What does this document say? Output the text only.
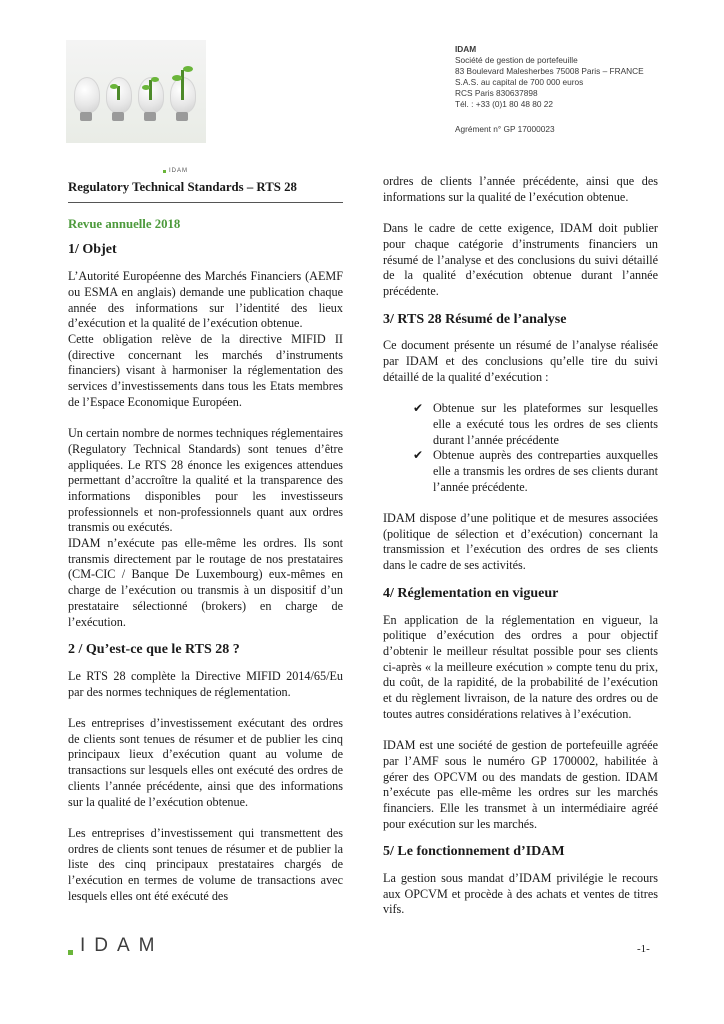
IDAM
IDAM
Société de gestion de portefeuille
83 Boulevard Malesherbes 75008 Paris – FRANCE
S.A.S. au capital de 700 000 euros
RCS Paris 830637898
Tél. : +33 (0)1 80 48 80 22
Agrément n° GP 17000023
Regulatory Technical Standards – RTS 28
Revue annuelle 2018
1/ Objet

L’Autorité Européenne des Marchés Financiers (AEMF ou ESMA en anglais) demande une publication chaque année des informations sur l’identité des lieux d’exécution et la qualité de l’exécution obtenue.

Cette obligation relève de la directive MIFID II (directive concernant les marchés d’instruments financiers) visant à harmoniser la réglementation des services d’investissements dans tous les Etats membres de l’Espace Economique Européen.

Un certain nombre de normes techniques réglementaires (Regulatory Technical Standards) sont tenues d’être appliquées. Le RTS 28 énonce les exigences attendues permettant d’accroître la qualité et la transparence des informations disponibles pour les investisseurs professionnels et non-professionnels quant aux ordres transmis ou exécutés.

IDAM n’exécute pas elle-même les ordres. Ils sont transmis directement par le routage de nos prestataires (CM-CIC / Banque De Luxembourg) eux-mêmes en charge de l’exécution ou transmis à un dispositif d’un prestataire sélectionné (brokers) en charge de l’exécution.

2 / Qu’est-ce que le RTS 28 ?

Le RTS 28 complète la Directive MIFID 2014/65/Eu par des normes techniques de réglementation.

Les entreprises d’investissement exécutant des ordres de clients sont tenues de résumer et de publier les cinq principaux lieux d’exécution quant au volume de transactions sur lesquels elles ont exécuté des ordres de clients l’année précédente, ainsi que des informations sur la qualité de l’exécution obtenue.

Les entreprises d’investissement qui transmettent des ordres de clients sont tenues de résumer et de publier la liste des cinq principaux prestataires chargés de l’exécution en termes de volume de transactions avec lesquels elles ont été exécuté des

ordres de clients l’année précédente, ainsi que des informations sur la qualité de l’exécution obtenue.

Dans le cadre de cette exigence, IDAM doit publier pour chaque catégorie d’instruments financiers un résumé de l’analyse et des conclusions du suivi détaillé de la qualité d’exécution obtenue durant l’année précédente.

3/ RTS 28 Résumé de l’analyse

Ce document présente un résumé de l’analyse réalisée par IDAM et des conclusions qu’elle tire du suivi détaillé de la qualité d’exécution :

✔ Obtenue sur les plateformes sur lesquelles elle a exécuté tous les ordres de ses clients durant l’année précédente
✔ Obtenue auprès des contreparties auxquelles elle a transmis les ordres de ses clients durant l’année précédente.

IDAM dispose d’une politique et de mesures associées (politique de sélection et d’exécution) concernant la transmission et l’exécution des ordres de ses clients dans le cadre de ses activités.

4/ Réglementation en vigueur

En application de la réglementation en vigueur, la politique d’exécution des ordres a pour objectif d’obtenir le meilleur résultat possible pour ses clients ci-après « la meilleure exécution » compte tenu du prix, du coût, de la rapidité, de la probabilité de l’exécution et du règlement livraison, de la nature des ordres ou de toutes autres considérations relatives à l’exécution.

IDAM est une société de gestion de portefeuille agréée par l’AMF sous le numéro GP 1700002, habilitée à gérer des OPCVM ou des mandats de gestion. IDAM n’exécute pas elle-même les ordres sur les marchés financiers. Elle les transmet à un intermédiaire agréé pour exécution sur les marchés.

5/ Le fonctionnement d’IDAM

La gestion sous mandat d’IDAM privilégie le recours aux OPCVM et procède à des achats et ventes de titres vifs.

IDAM	-1-
